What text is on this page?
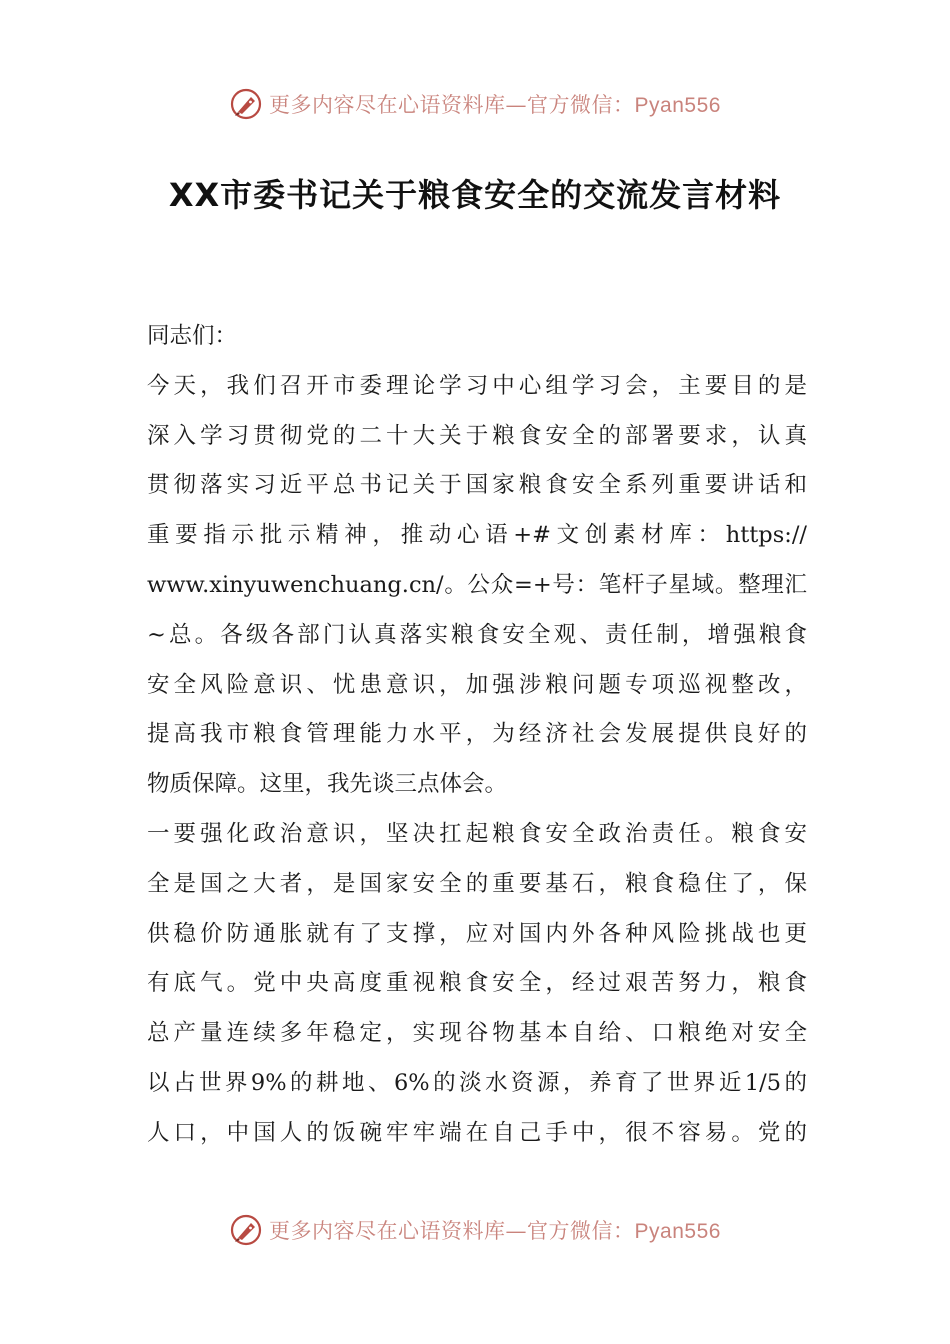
更多内容尽在心语资料库—官方微信：Pyan556
XX市委书记关于粮食安全的交流发言材料
同志们：
今天，我们召开市委理论学习中心组学习会，主要目的是
深入学习贯彻党的二十大关于粮食安全的部署要求，认真
贯彻落实习近平总书记关于国家粮食安全系列重要讲话和
重要指示批示精神，推动心语+#文创素材库：https://
www.xinyuwenchuang.cn/。公众=+号：笔杆子星域。整理汇
~总。各级各部门认真落实粮食安全观、责任制，增强粮食
安全风险意识、忧患意识，加强涉粮问题专项巡视整改，
提高我市粮食管理能力水平，为经济社会发展提供良好的
物质保障。这里，我先谈三点体会。
一要强化政治意识，坚决扛起粮食安全政治责任。粮食安
全是国之大者，是国家安全的重要基石，粮食稳住了，保
供稳价防通胀就有了支撑，应对国内外各种风险挑战也更
有底气。党中央高度重视粮食安全，经过艰苦努力，粮食
总产量连续多年稳定，实现谷物基本自给、口粮绝对安全
以占世界9%的耕地、6%的淡水资源，养育了世界近1/5的
人口，中国人的饭碗牢牢端在自己手中，很不容易。党的
更多内容尽在心语资料库—官方微信：Pyan556
